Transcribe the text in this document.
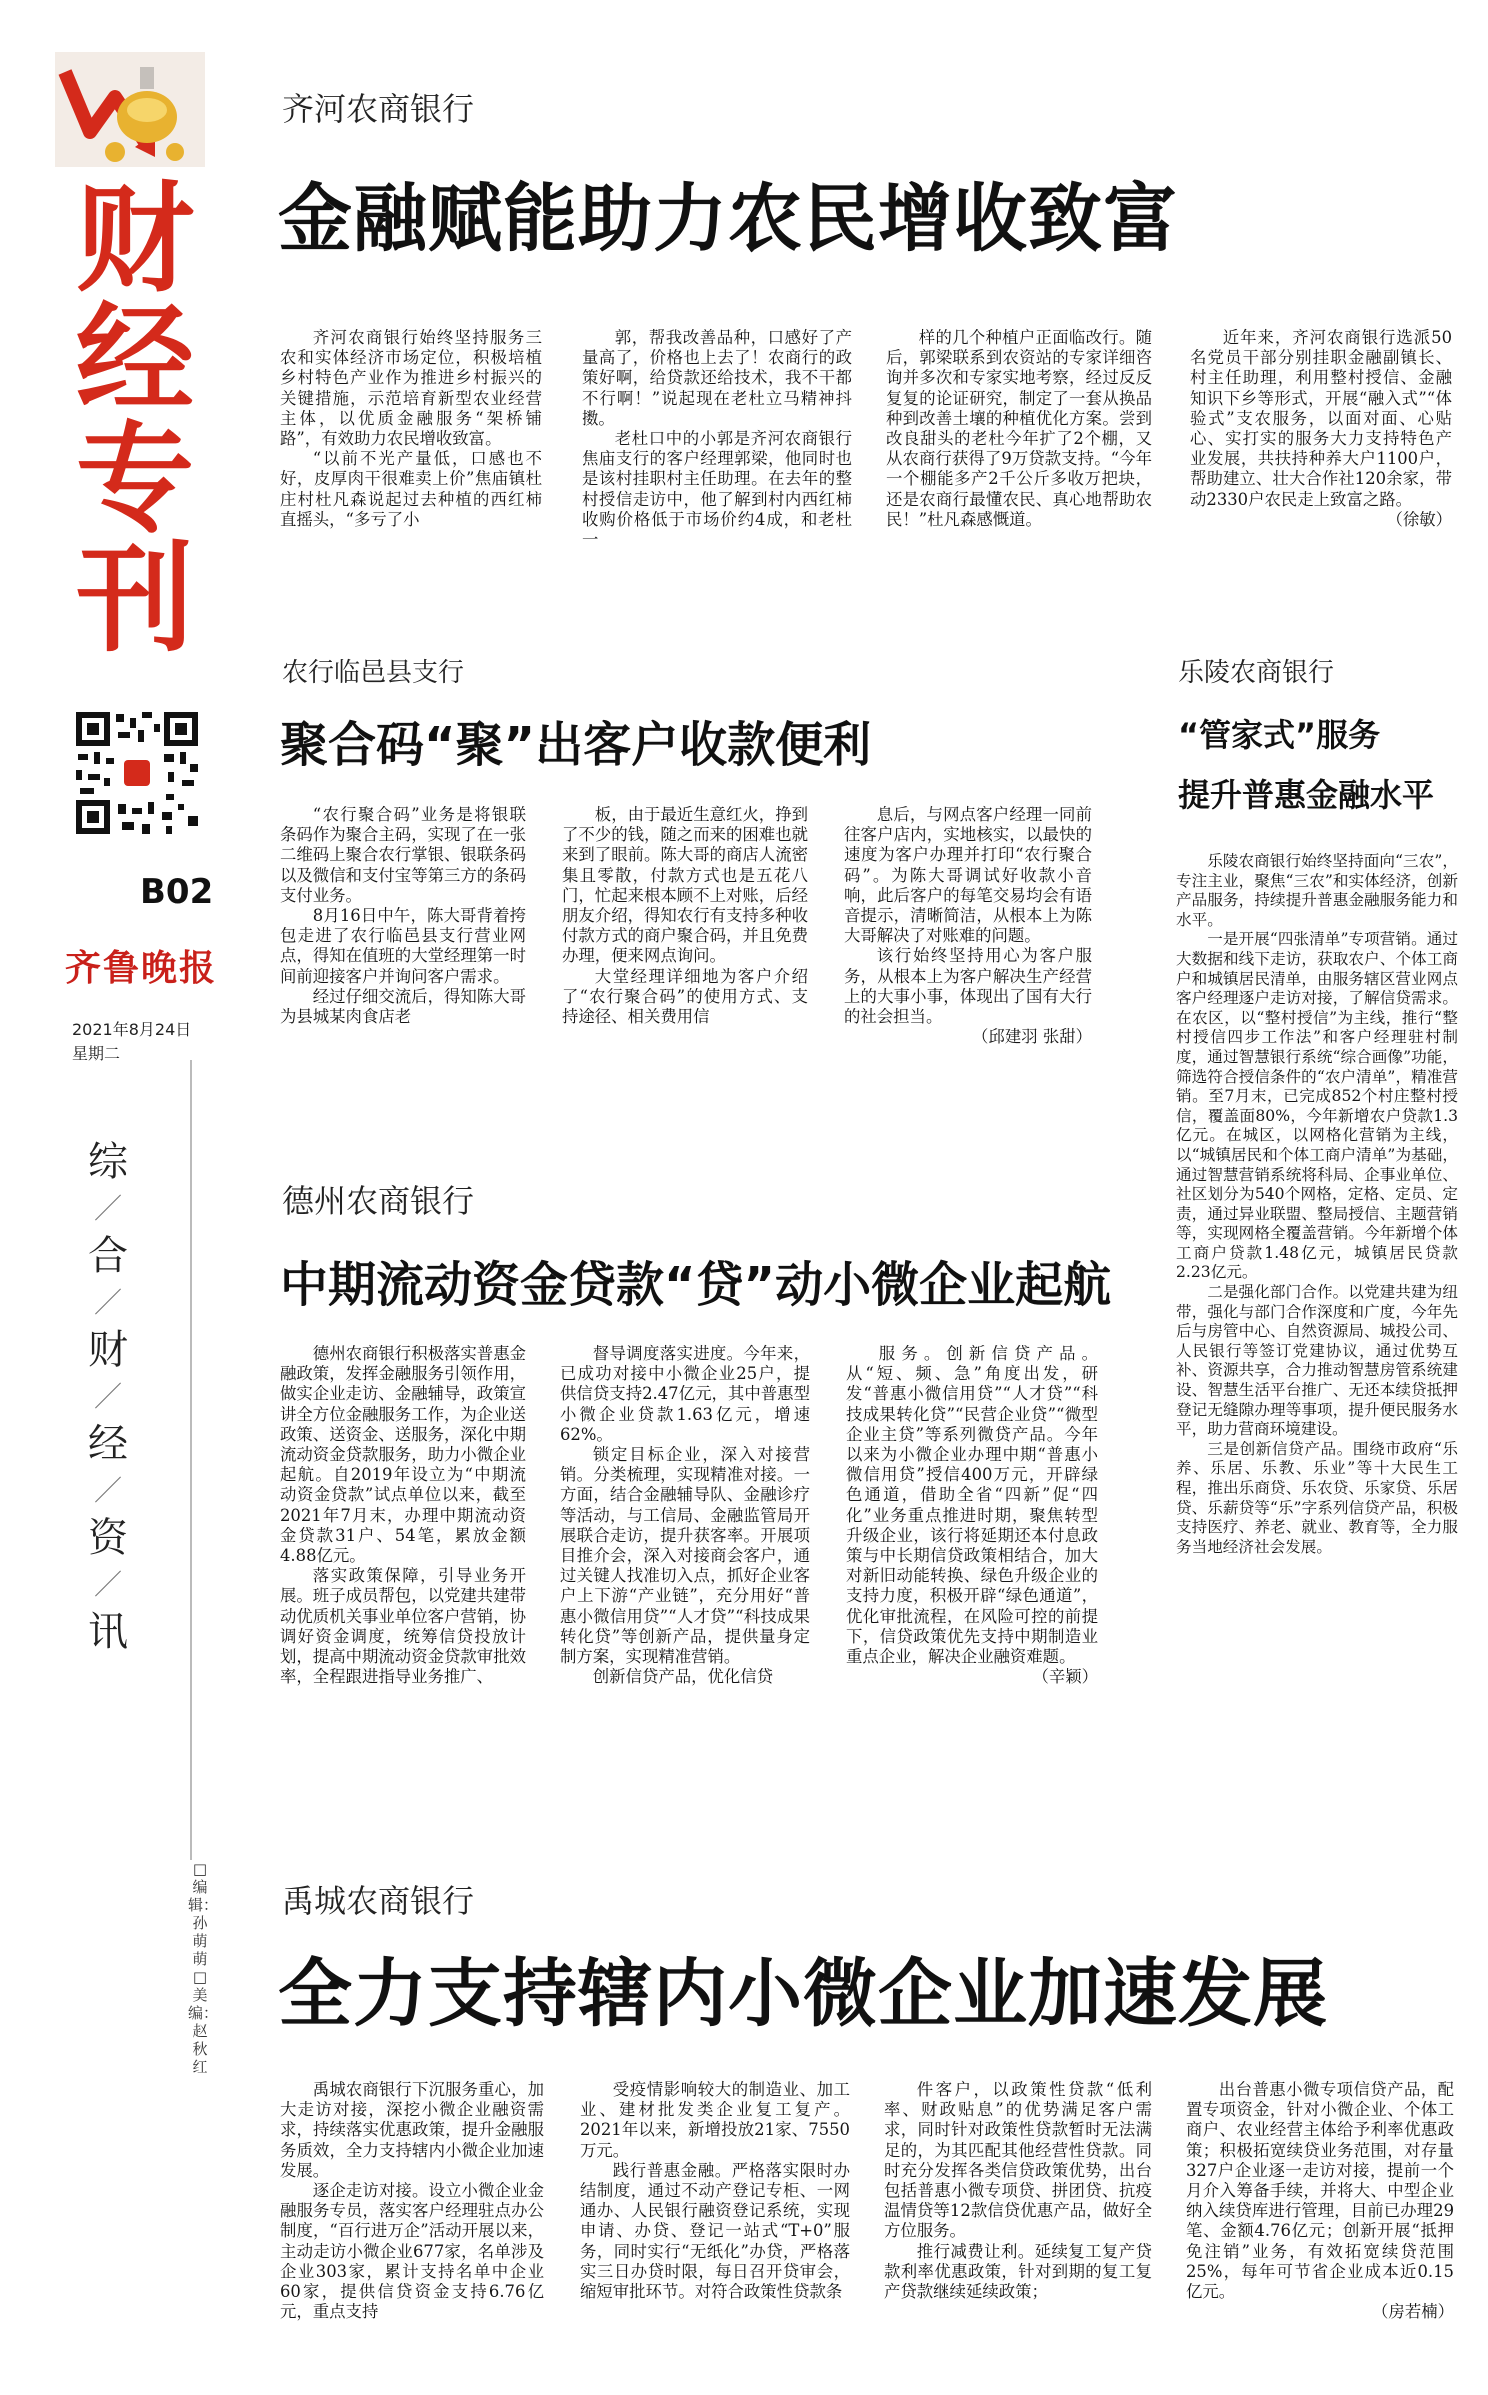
财
经
专
B02
齐鲁晚报
2021年8月24日
星期二
综
／
合
／
财
／
经
／
资
／
讯
□编辑：孙萌萌 □美编：赵秋红
齐河农商银行
金融赋能助力农民增收致富

齐河农商银行始终坚持服务三农和实体经济市场定位，积极培植乡村特色产业作为推进乡村振兴的关键措施，示范培育新型农业经营主体，以优质金融服务“架桥铺路”，有效助力农民增收致富。

“以前不光产量低，口感也不好，皮厚肉干很难卖上价”焦庙镇杜庄村杜凡森说起过去种植的西红柿直摇头，“多亏了小

郭，帮我改善品种，口感好了产量高了，价格也上去了！农商行的政策好啊，给贷款还给技术，我不干都不行啊！”说起现在老杜立马精神抖擞。

老杜口中的小郭是齐河农商银行焦庙支行的客户经理郭梁，他同时也是该村挂职村主任助理。在去年的整村授信走访中，他了解到村内西红柿收购价格低于市场价约4成，和老杜一

样的几个种植户正面临改行。随后，郭梁联系到农资站的专家详细咨询并多次和专家实地考察，经过反反复复的论证研究，制定了一套从换品种到改善土壤的种植优化方案。尝到改良甜头的老杜今年扩了2个棚，又从农商行获得了9万贷款支持。“今年一个棚能多产2千公斤多收万把块，还是农商行最懂农民、真心地帮助农民！”杜凡森感慨道。

近年来，齐河农商银行选派50名党员干部分别挂职金融副镇长、村主任助理，利用整村授信、金融知识下乡等形式，开展“融入式”“体验式”支农服务，以面对面、心贴心、实打实的服务大力支持特色产业发展，共扶持种养大户1100户，帮助建立、壮大合作社120余家，带动2330户农民走上致富之路。

（徐敏）
农行临邑县支行
聚合码“聚”出客户收款便利

“农行聚合码”业务是将银联条码作为聚合主码，实现了在一张二维码上聚合农行掌银、银联条码以及微信和支付宝等第三方的条码支付业务。

8月16日中午，陈大哥背着挎包走进了农行临邑县支行营业网点，得知在值班的大堂经理第一时间前迎接客户并询问客户需求。

经过仔细交流后，得知陈大哥为县城某肉食店老

板，由于最近生意红火，挣到了不少的钱，随之而来的困难也就来到了眼前。陈大哥的商店人流密集且零散，付款方式也是五花八门，忙起来根本顾不上对账，后经朋友介绍，得知农行有支持多种收付款方式的商户聚合码，并且免费办理，便来网点询问。

大堂经理详细地为客户介绍了“农行聚合码”的使用方式、支持途径、相关费用信

息后，与网点客户经理一同前往客户店内，实地核实，以最快的速度为客户办理并打印“农行聚合码”。为陈大哥调试好收款小音响，此后客户的每笔交易均会有语音提示，清晰简洁，从根本上为陈大哥解决了对账难的问题。

该行始终坚持用心为客户服务，从根本上为客户解决生产经营上的大事小事，体现出了国有大行的社会担当。

（邱建羽 张甜）
乐陵农商银行
“管家式”服务
提升普惠金融水平

乐陵农商银行始终坚持面向“三农”，专注主业，聚焦“三农”和实体经济，创新产品服务，持续提升普惠金融服务能力和水平。

一是开展“四张清单”专项营销。通过大数据和线下走访，获取农户、个体工商户和城镇居民清单，由服务辖区营业网点客户经理逐户走访对接，了解信贷需求。在农区，以“整村授信”为主线，推行“整村授信四步工作法”和客户经理驻村制度，通过智慧银行系统“综合画像”功能，筛选符合授信条件的“农户清单”，精准营销。至7月末，已完成852个村庄整村授信，覆盖面80%，今年新增农户贷款1.3亿元。在城区，以网格化营销为主线，以“城镇居民和个体工商户清单”为基础，通过智慧营销系统将科局、企事业单位、社区划分为540个网格，定格、定员、定责，通过异业联盟、整局授信、主题营销等，实现网格全覆盖营销。今年新增个体工商户贷款1.48亿元，城镇居民贷款2.23亿元。

二是强化部门合作。以党建共建为纽带，强化与部门合作深度和广度，今年先后与房管中心、自然资源局、城投公司、人民银行等签订党建协议，通过优势互补、资源共享，合力推动智慧房管系统建设、智慧生活平台推广、无还本续贷抵押登记无缝隙办理等事项，提升便民服务水平，助力营商环境建设。

三是创新信贷产品。围绕市政府“乐养、乐居、乐教、乐业”等十大民生工程，推出乐商贷、乐农贷、乐家贷、乐居贷、乐薪贷等“乐”字系列信贷产品，积极支持医疗、养老、就业、教育等，全力服务当地经济社会发展。

德州农商银行
中期流动资金贷款“贷”动小微企业起航

德州农商银行积极落实普惠金融政策，发挥金融服务引领作用，做实企业走访、金融辅导，政策宣讲全方位金融服务工作，为企业送政策、送资金、送服务，深化中期流动资金贷款服务，助力小微企业起航。自2019年设立为“中期流动资金贷款”试点单位以来，截至2021年7月末，办理中期流动资金贷款31户、54笔，累放金额4.88亿元。

落实政策保障，引导业务开展。班子成员帮包，以党建共建带动优质机关事业单位客户营销，协调好资金调度，统筹信贷投放计划，提高中期流动资金贷款审批效率，全程跟进指导业务推广、

督导调度落实进度。今年来，已成功对接中小微企业25户，提供信贷支持2.47亿元，其中普惠型小微企业贷款1.63亿元，增速62%。

锁定目标企业，深入对接营销。分类梳理，实现精准对接。一方面，结合金融辅导队、金融诊疗等活动，与工信局、金融监管局开展联合走访，提升获客率。开展项目推介会，深入对接商会客户，通过关键人找准切入点，抓好企业客户上下游“产业链”，充分用好“普惠小微信用贷”“人才贷”“科技成果转化贷”等创新产品，提供量身定制方案，实现精准营销。

创新信贷产品，优化信贷

服务。创新信贷产品。从“短、频、急”角度出发，研发“普惠小微信用贷”“人才贷”“科技成果转化贷”“民营企业贷”“微型企业主贷”等系列微贷产品。今年以来为小微企业办理中期“普惠小微信用贷”授信400万元，开辟绿色通道，借助全省“四新”促“四化”业务重点推进时期，聚焦转型升级企业，该行将延期还本付息政策与中长期信贷政策相结合，加大对新旧动能转换、绿色升级企业的支持力度，积极开辟“绿色通道”，优化审批流程，在风险可控的前提下，信贷政策优先支持中期制造业重点企业，解决企业融资难题。

（辛颖）
禹城农商银行
全力支持辖内小微企业加速发展

禹城农商银行下沉服务重心，加大走访对接，深挖小微企业融资需求，持续落实优惠政策，提升金融服务质效，全力支持辖内小微企业加速发展。

逐企走访对接。设立小微企业金融服务专员，落实客户经理驻点办公制度，“百行进万企”活动开展以来，主动走访小微企业677家，名单涉及企业303家，累计支持名单中企业60家，提供信贷资金支持6.76亿元，重点支持

受疫情影响较大的制造业、加工业、建材批发类企业复工复产。2021年以来，新增投放21家、7550万元。

践行普惠金融。严格落实限时办结制度，通过不动产登记专柜、一网通办、人民银行融资登记系统，实现申请、办贷、登记一站式“T+0”服务，同时实行“无纸化”办贷，严格落实三日办贷时限，每日召开贷审会，缩短审批环节。对符合政策性贷款条

件客户，以政策性贷款“低利率、财政贴息”的优势满足客户需求，同时针对政策性贷款暂时无法满足的，为其匹配其他经营性贷款。同时充分发挥各类信贷政策优势，出台包括普惠小微专项贷、拼团贷、抗疫温情贷等12款信贷优惠产品，做好全方位服务。

推行减费让利。延续复工复产贷款利率优惠政策，针对到期的复工复产贷款继续延续政策；

出台普惠小微专项信贷产品，配置专项资金，针对小微企业、个体工商户、农业经营主体给予利率优惠政策；积极拓宽续贷业务范围，对存量327户企业逐一走访对接，提前一个月介入筹备手续，并将大、中型企业纳入续贷库进行管理，目前已办理29笔、金额4.76亿元；创新开展“抵押免注销”业务，有效拓宽续贷范围25%，每年可节省企业成本近0.15亿元。

（房若楠）
刊
